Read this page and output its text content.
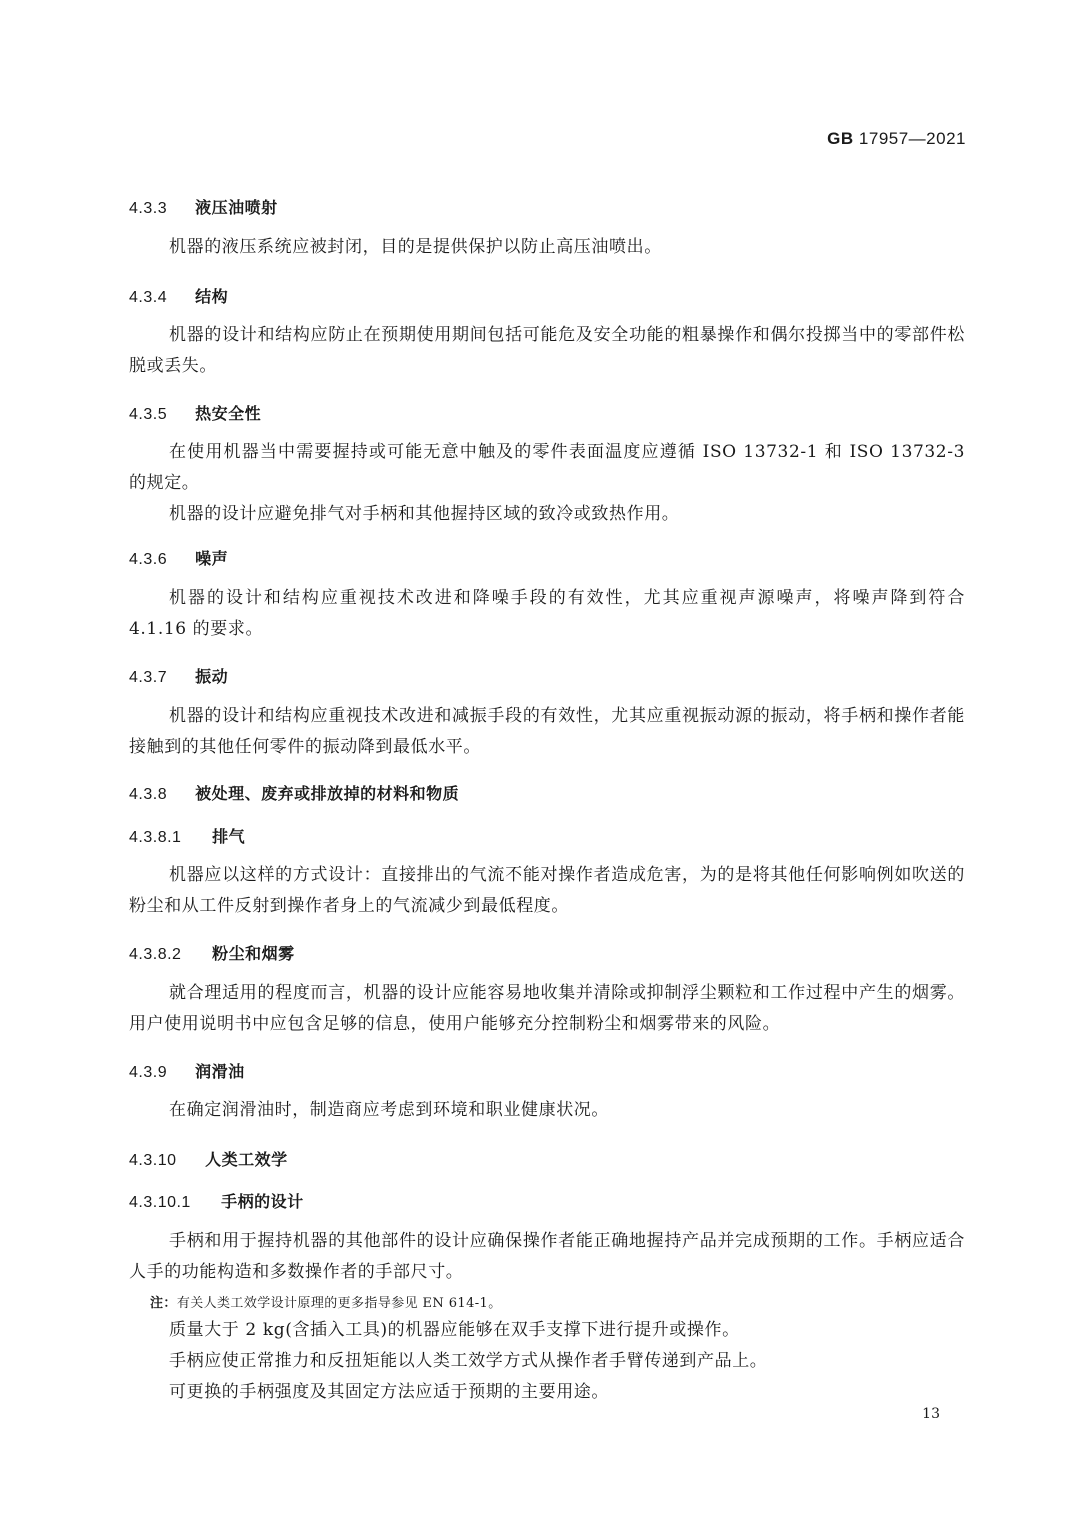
GB 17957—2021
4.3.3 液压油喷射
机器的液压系统应被封闭，目的是提供保护以防止高压油喷出。
4.3.4 结构
机器的设计和结构应防止在预期使用期间包括可能危及安全功能的粗暴操作和偶尔投掷当中的零部件松脱或丢失。
4.3.5 热安全性
在使用机器当中需要握持或可能无意中触及的零件表面温度应遵循 ISO 13732-1 和 ISO 13732-3 的规定。
机器的设计应避免排气对手柄和其他握持区域的致冷或致热作用。
4.3.6 噪声
机器的设计和结构应重视技术改进和降噪手段的有效性，尤其应重视声源噪声，将噪声降到符合 4.1.16 的要求。
4.3.7 振动
机器的设计和结构应重视技术改进和减振手段的有效性，尤其应重视振动源的振动，将手柄和操作者能接触到的其他任何零件的振动降到最低水平。
4.3.8 被处理、废弃或排放掉的材料和物质
4.3.8.1 排气
机器应以这样的方式设计：直接排出的气流不能对操作者造成危害，为的是将其他任何影响例如吹送的粉尘和从工件反射到操作者身上的气流减少到最低程度。
4.3.8.2 粉尘和烟雾
就合理适用的程度而言，机器的设计应能容易地收集并清除或抑制浮尘颗粒和工作过程中产生的烟雾。用户使用说明书中应包含足够的信息，使用户能够充分控制粉尘和烟雾带来的风险。
4.3.9 润滑油
在确定润滑油时，制造商应考虑到环境和职业健康状况。
4.3.10 人类工效学
4.3.10.1 手柄的设计
手柄和用于握持机器的其他部件的设计应确保操作者能正确地握持产品并完成预期的工作。手柄应适合人手的功能构造和多数操作者的手部尺寸。
注：有关人类工效学设计原理的更多指导参见 EN 614-1。
质量大于 2 kg(含插入工具)的机器应能够在双手支撑下进行提升或操作。
手柄应使正常推力和反扭矩能以人类工效学方式从操作者手臂传递到产品上。
可更换的手柄强度及其固定方法应适于预期的主要用途。
13
